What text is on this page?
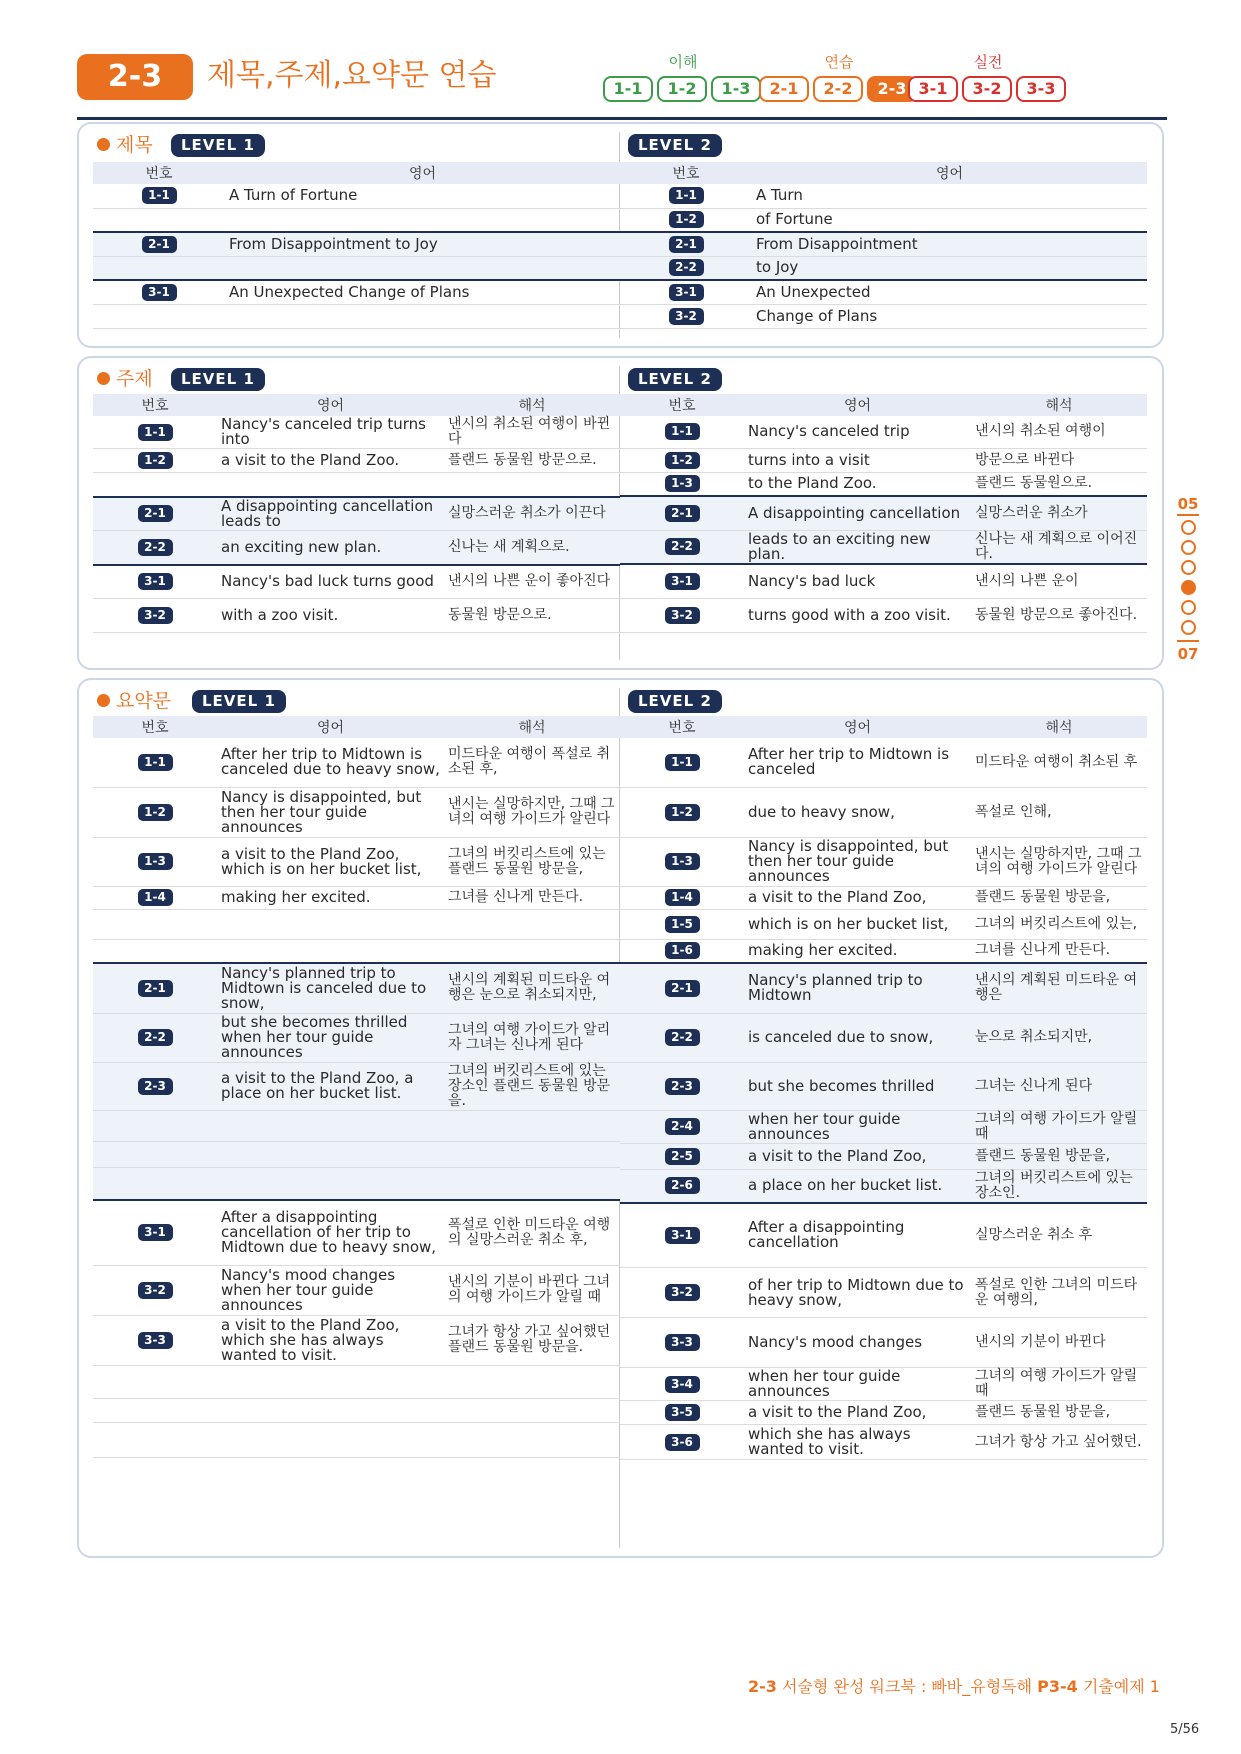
2-3	제목,주제,요약문 연습	이해
1-1	1-2	1-3
연습
2-1	2-2	2-3
실전
3-1	3-2	3-3
제목	LEVEL 1	LEVEL 2
번호	영어
1-1	A Turn of Fortune

2-1	From Disappointment to Joy

3-1	An Unexpected Change of Plans

번호	영어
1-1	A Turn
1-2	of Fortune
2-1	From Disappointment
2-2	to Joy
3-1	An Unexpected
3-2	Change of Plans
주제	LEVEL 1	LEVEL 2
번호	영어	해석
1-1	Nancy's canceled trip turns into	낸시의 취소된 여행이 바뀐다
1-2	a visit to the Pland Zoo.	플랜드 동물원 방문으로.

2-1	A disappointing cancellation leads to	실망스러운 취소가 이끈다
2-2	an exciting new plan.	신나는 새 계획으로.
3-1	Nancy's bad luck turns good	낸시의 나쁜 운이 좋아진다
3-2	with a zoo visit.	동물원 방문으로.
번호	영어	해석
1-1	Nancy's canceled trip	낸시의 취소된 여행이
1-2	turns into a visit	방문으로 바뀐다
1-3	to the Pland Zoo.	플랜드 동물원으로.
2-1	A disappointing cancellation	실망스러운 취소가
2-2	leads to an exciting new plan.	신나는 새 계획으로 이어진다.
3-1	Nancy's bad luck	낸시의 나쁜 운이
3-2	turns good with a zoo visit.	동물원 방문으로 좋아진다.
요약문	LEVEL 1	LEVEL 2
번호	영어	해석
1-1	After her trip to Midtown is canceled due to heavy snow,	미드타운 여행이 폭설로 취소된 후,
1-2	Nancy is disappointed, but then her tour guide announces	낸시는 실망하지만, 그때 그녀의 여행 가이드가 알린다
1-3	a visit to the Pland Zoo, which is on her bucket list,	그녀의 버킷리스트에 있는 플랜드 동물원 방문을,
1-4	making her excited.	그녀를 신나게 만든다.

2-1	Nancy's planned trip to Midtown is canceled due to snow,	낸시의 계획된 미드타운 여행은 눈으로 취소되지만,
2-2	but she becomes thrilled when her tour guide announces	그녀의 여행 가이드가 알리자 그녀는 신나게 된다
2-3	a visit to the Pland Zoo, a place on her bucket list.	그녀의 버킷리스트에 있는 장소인 플랜드 동물원 방문을.

3-1	After a disappointing cancellation of her trip to Midtown due to heavy snow,	폭설로 인한 미드타운 여행의 실망스러운 취소 후,
3-2	Nancy's mood changes when her tour guide announces	낸시의 기분이 바뀐다 그녀의 여행 가이드가 알릴 때
3-3	a visit to the Pland Zoo, which she has always wanted to visit.	그녀가 항상 가고 싶어했던 플랜드 동물원 방문을.

번호	영어	해석
1-1	After her trip to Midtown is canceled	미드타운 여행이 취소된 후
1-2	due to heavy snow,	폭설로 인해,
1-3	Nancy is disappointed, but then her tour guide announces	낸시는 실망하지만, 그때 그녀의 여행 가이드가 알린다
1-4	a visit to the Pland Zoo,	플랜드 동물원 방문을,
1-5	which is on her bucket list,	그녀의 버킷리스트에 있는,
1-6	making her excited.	그녀를 신나게 만든다.
2-1	Nancy's planned trip to Midtown	낸시의 계획된 미드타운 여행은
2-2	is canceled due to snow,	눈으로 취소되지만,
2-3	but she becomes thrilled	그녀는 신나게 된다
2-4	when her tour guide announces	그녀의 여행 가이드가 알릴 때
2-5	a visit to the Pland Zoo,	플랜드 동물원 방문을,
2-6	a place on her bucket list.	그녀의 버킷리스트에 있는 장소인.
3-1	After a disappointing cancellation	실망스러운 취소 후
3-2	of her trip to Midtown due to heavy snow,	폭설로 인한 그녀의 미드타운 여행의,
3-3	Nancy's mood changes	낸시의 기분이 바뀐다
3-4	when her tour guide announces	그녀의 여행 가이드가 알릴 때
3-5	a visit to the Pland Zoo,	플랜드 동물원 방문을,
3-6	which she has always wanted to visit.	그녀가 항상 가고 싶어했던.
05
07
2-3 서술형 완성 워크북 : 빠바_유형독해 P3-4 기출예제 1
5/56
